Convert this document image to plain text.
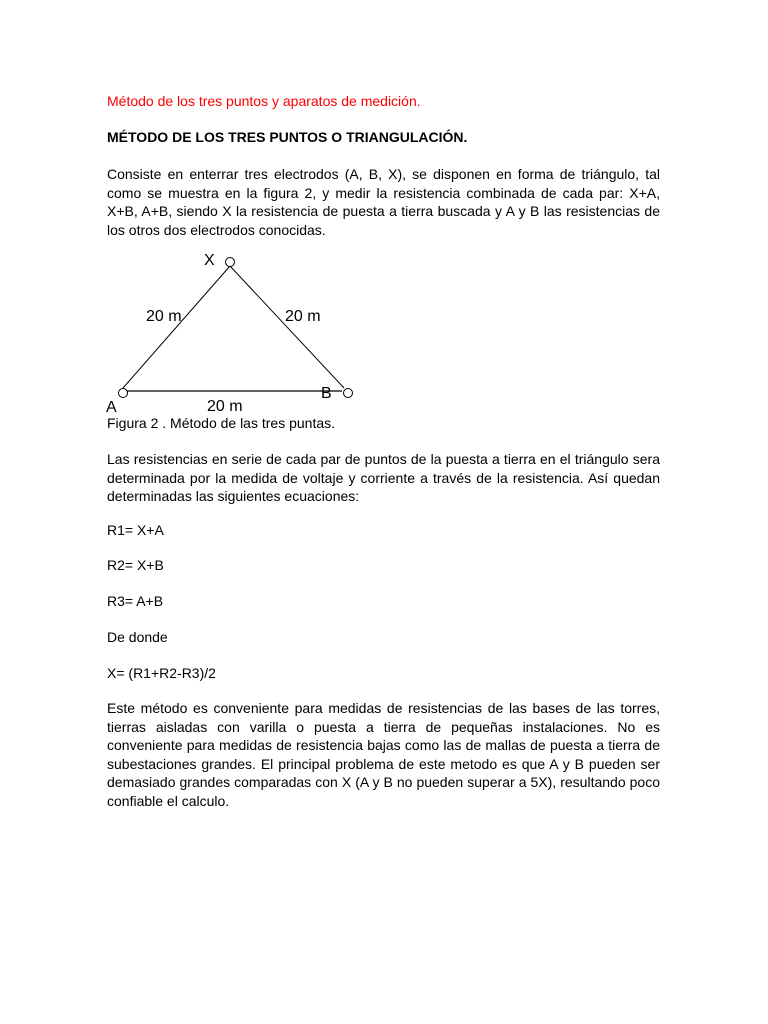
Método de los tres puntos y aparatos de medición.

MÉTODO DE LOS TRES PUNTOS O TRIANGULACIÓN.

Consiste en enterrar tres electrodos (A, B, X), se disponen en forma de triángulo, tal como se muestra en la figura 2, y medir la resistencia combinada de cada par: X+A, X+B, A+B, siendo X la resistencia de puesta a tierra buscada y A y B las resistencias de los otros dos electrodos conocidas.

X
20 m	20 m
A
B
20 m

Figura 2 . Método de las tres puntas.

Las resistencias en serie de cada par de puntos de la puesta a tierra en el triángulo sera determinada por la medida de voltaje y corriente a través de la resistencia. Así quedan determinadas las siguientes ecuaciones:

R1= X+A

R2= X+B

R3= A+B

De donde

X= (R1+R2-R3)/2

Este método es conveniente para medidas de resistencias de las bases de las torres, tierras aisladas con varilla o puesta a tierra de pequeñas instalaciones. No es conveniente para medidas de resistencia bajas como las de mallas de puesta a tierra de subestaciones grandes. El principal problema de este metodo es que A y B pueden ser demasiado grandes comparadas con X (A y B no pueden superar a 5X), resultando poco confiable el calculo.
